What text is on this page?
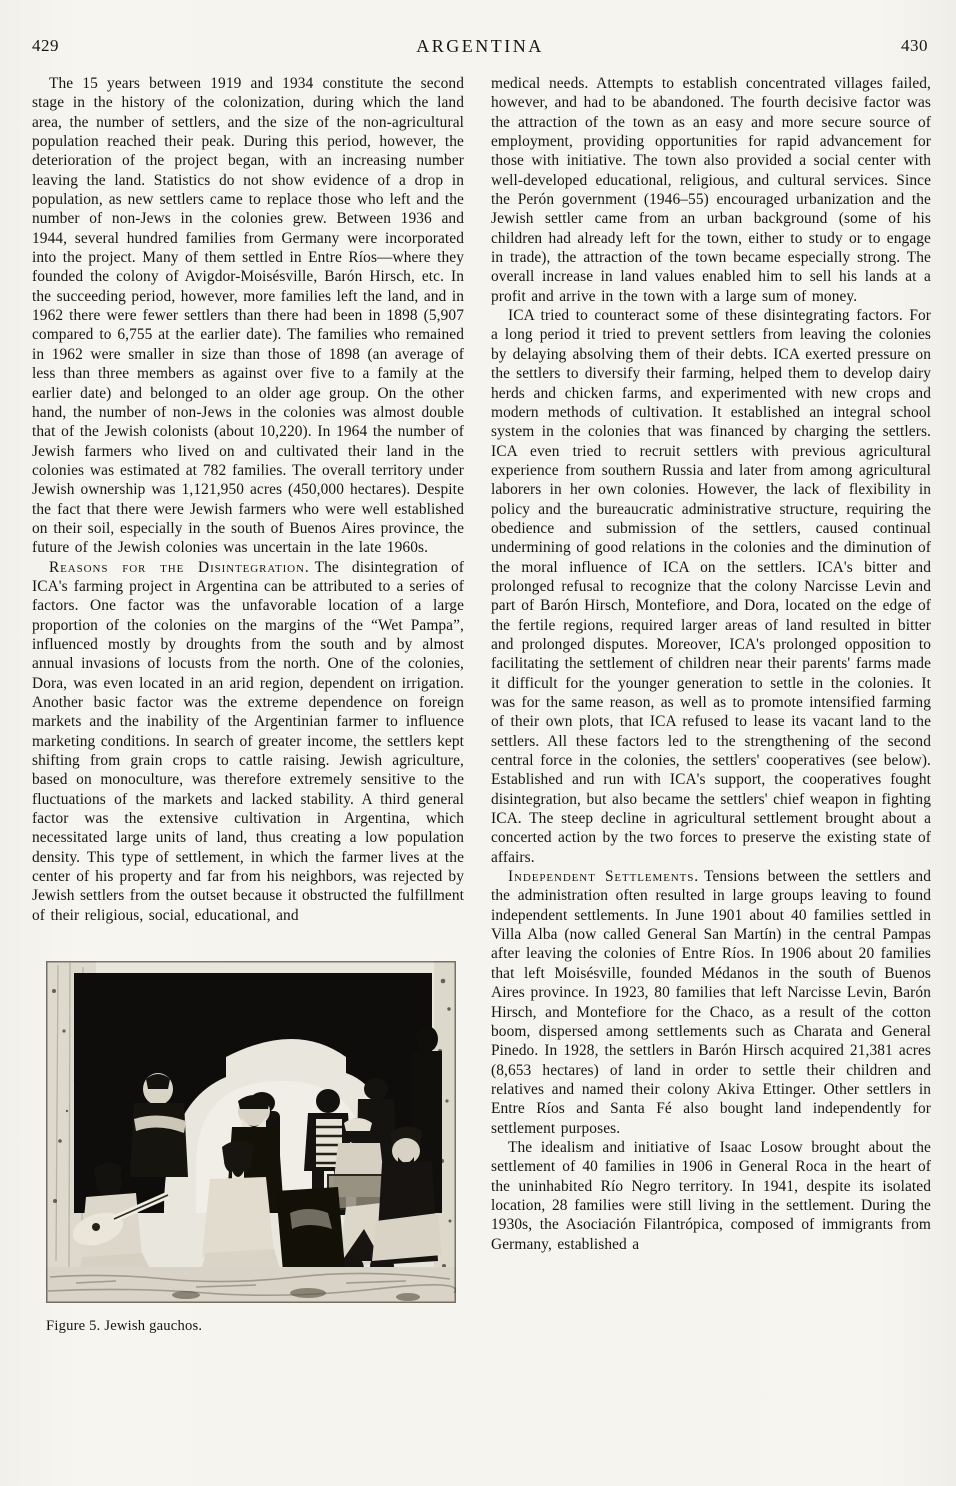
429	ARGENTINA	430

The 15 years between 1919 and 1934 constitute the second stage in the history of the colonization, during which the land area, the number of settlers, and the size of the non-agricultural population reached their peak. During this period, however, the deterioration of the project began, with an increasing number leaving the land. Statistics do not show evidence of a drop in population, as new settlers came to replace those who left and the number of non-Jews in the colonies grew. Between 1936 and 1944, several hundred families from Germany were incorporated into the project. Many of them settled in Entre Ríos—where they founded the colony of Avigdor-Moisésville, Barón Hirsch, etc. In the succeeding period, however, more families left the land, and in 1962 there were fewer settlers than there had been in 1898 (5,907 compared to 6,755 at the earlier date). The families who remained in 1962 were smaller in size than those of 1898 (an average of less than three members as against over five to a family at the earlier date) and belonged to an older age group. On the other hand, the number of non-Jews in the colonies was almost double that of the Jewish colonists (about 10,220). In 1964 the number of Jewish farmers who lived on and cultivated their land in the colonies was estimated at 782 families. The overall territory under Jewish ownership was 1,121,950 acres (450,000 hectares). Despite the fact that there were Jewish farmers who were well established on their soil, especially in the south of Buenos Aires province, the future of the Jewish colonies was uncertain in the late 1960s.

Reasons for the Disintegration. The disintegration of ICA's farming project in Argentina can be attributed to a series of factors. One factor was the unfavorable location of a large proportion of the colonies on the margins of the “Wet Pampa”, influenced mostly by droughts from the south and by almost annual invasions of locusts from the north. One of the colonies, Dora, was even located in an arid region, dependent on irrigation. Another basic factor was the extreme dependence on foreign markets and the inability of the Argentinian farmer to influence marketing conditions. In search of greater income, the settlers kept shifting from grain crops to cattle raising. Jewish agriculture, based on monoculture, was therefore extremely sensitive to the fluctuations of the markets and lacked stability. A third general factor was the extensive cultivation in Argentina, which necessitated large units of land, thus creating a low population density. This type of settlement, in which the farmer lives at the center of his property and far from his neighbors, was rejected by Jewish settlers from the outset because it obstructed the fulfillment of their religious, social, educational, and

Figure 5. Jewish gauchos.

medical needs. Attempts to establish concentrated villages failed, however, and had to be abandoned. The fourth decisive factor was the attraction of the town as an easy and more secure source of employment, providing opportunities for rapid advancement for those with initiative. The town also provided a social center with well-developed educational, religious, and cultural services. Since the Perón government (1946–55) encouraged urbanization and the Jewish settler came from an urban background (some of his children had already left for the town, either to study or to engage in trade), the attraction of the town became especially strong. The overall increase in land values enabled him to sell his lands at a profit and arrive in the town with a large sum of money.

ICA tried to counteract some of these disintegrating factors. For a long period it tried to prevent settlers from leaving the colonies by delaying absolving them of their debts. ICA exerted pressure on the settlers to diversify their farming, helped them to develop dairy herds and chicken farms, and experimented with new crops and modern methods of cultivation. It established an integral school system in the colonies that was financed by charging the settlers. ICA even tried to recruit settlers with previous agricultural experience from southern Russia and later from among agricultural laborers in her own colonies. However, the lack of flexibility in policy and the bureaucratic administrative structure, requiring the obedience and submission of the settlers, caused continual undermining of good relations in the colonies and the diminution of the moral influence of ICA on the settlers. ICA's bitter and prolonged refusal to recognize that the colony Narcisse Levin and part of Barón Hirsch, Montefiore, and Dora, located on the edge of the fertile regions, required larger areas of land resulted in bitter and prolonged disputes. Moreover, ICA's prolonged opposition to facilitating the settlement of children near their parents' farms made it difficult for the younger generation to settle in the colonies. It was for the same reason, as well as to promote intensified farming of their own plots, that ICA refused to lease its vacant land to the settlers. All these factors led to the strengthening of the second central force in the colonies, the settlers' cooperatives (see below). Established and run with ICA's support, the cooperatives fought disintegration, but also became the settlers' chief weapon in fighting ICA. The steep decline in agricultural settlement brought about a concerted action by the two forces to preserve the existing state of affairs.

Independent Settlements. Tensions between the settlers and the administration often resulted in large groups leaving to found independent settlements. In June 1901 about 40 families settled in Villa Alba (now called General San Martín) in the central Pampas after leaving the colonies of Entre Ríos. In 1906 about 20 families that left Moisésville, founded Médanos in the south of Buenos Aires province. In 1923, 80 families that left Narcisse Levin, Barón Hirsch, and Montefiore for the Chaco, as a result of the cotton boom, dispersed among settlements such as Charata and General Pinedo. In 1928, the settlers in Barón Hirsch acquired 21,381 acres (8,653 hectares) of land in order to settle their children and relatives and named their colony Akiva Ettinger. Other settlers in Entre Ríos and Santa Fé also bought land independently for settlement purposes.

The idealism and initiative of Isaac Losow brought about the settlement of 40 families in 1906 in General Roca in the heart of the uninhabited Río Negro territory. In 1941, despite its isolated location, 28 families were still living in the settlement. During the 1930s, the Asociación Filantrópica, composed of immigrants from Germany, established a
